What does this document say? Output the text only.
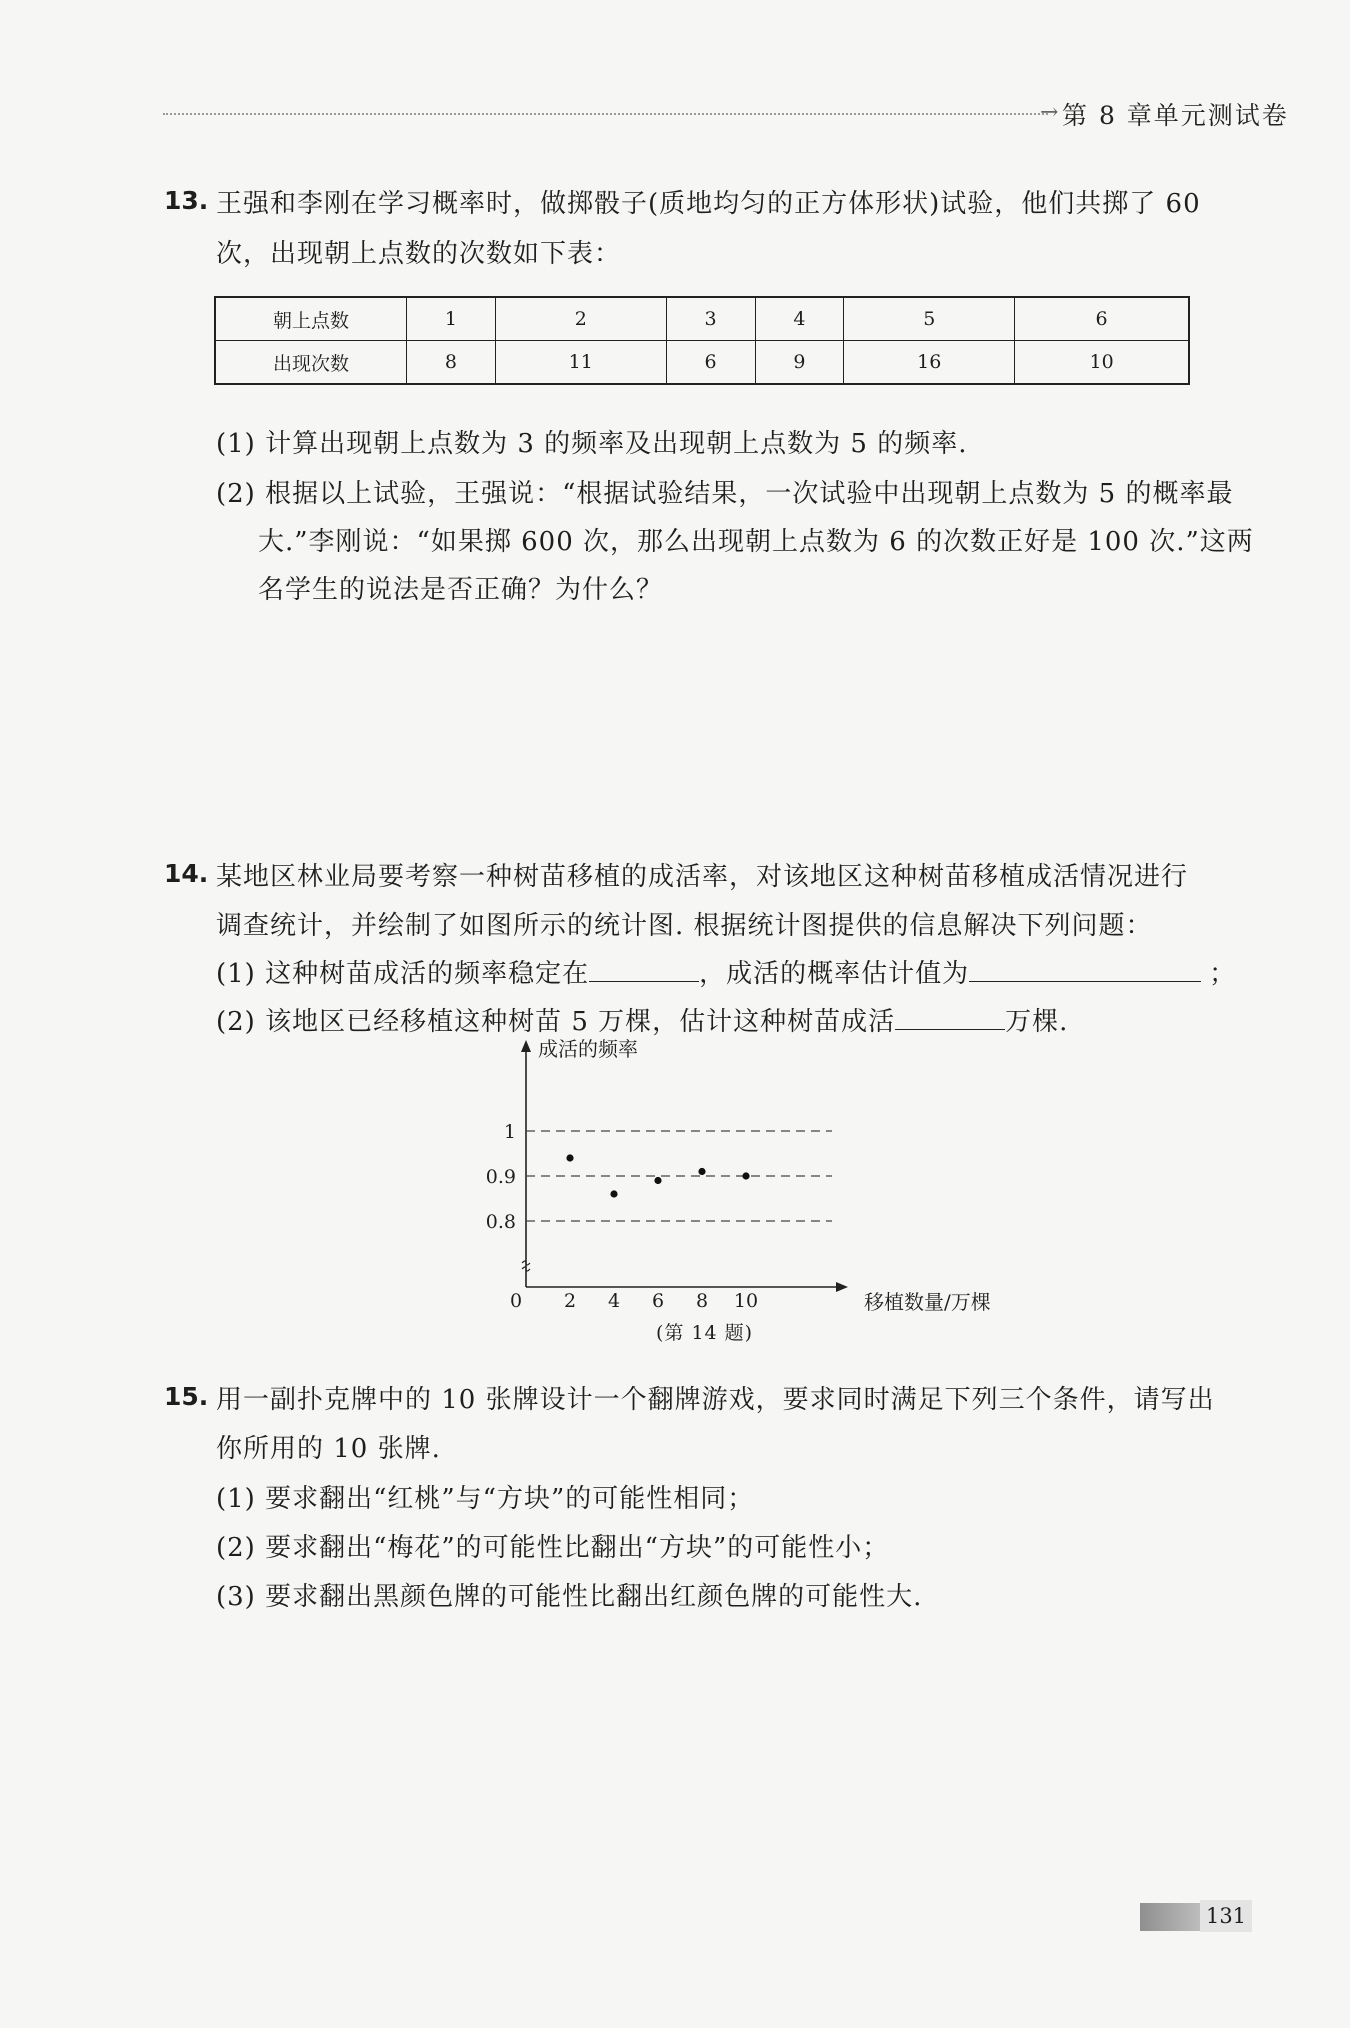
→ 第 8 章单元测试卷
13. 王强和李刚在学习概率时，做掷骰子(质地均匀的正方体形状)试验，他们共掷了 60
次，出现朝上点数的次数如下表：
朝上点数	1	2	3	4	5	6
出现次数	8	11	6	9	16	10
(1) 计算出现朝上点数为 3 的频率及出现朝上点数为 5 的频率.
(2) 根据以上试验，王强说：“根据试验结果，一次试验中出现朝上点数为 5 的概率最
大.”李刚说：“如果掷 600 次，那么出现朝上点数为 6 的次数正好是 100 次.”这两
名学生的说法是否正确？为什么？
14. 某地区林业局要考察一种树苗移植的成活率，对该地区这种树苗移植成活情况进行
调查统计，并绘制了如图所示的统计图. 根据统计图提供的信息解决下列问题：
(1) 这种树苗成活的频率稳定在	，成活的概率估计值为	；
(2) 该地区已经移植这种树苗 5 万棵，估计这种树苗成活	万棵.
0.8
0.9
1
0 2 4 6 8 10
成活的频率
移植数量/万棵
(第 14 题)
15. 用一副扑克牌中的 10 张牌设计一个翻牌游戏，要求同时满足下列三个条件，请写出
你所用的 10 张牌.
(1) 要求翻出“红桃”与“方块”的可能性相同；
(2) 要求翻出“梅花”的可能性比翻出“方块”的可能性小；
(3) 要求翻出黑颜色牌的可能性比翻出红颜色牌的可能性大.
131
